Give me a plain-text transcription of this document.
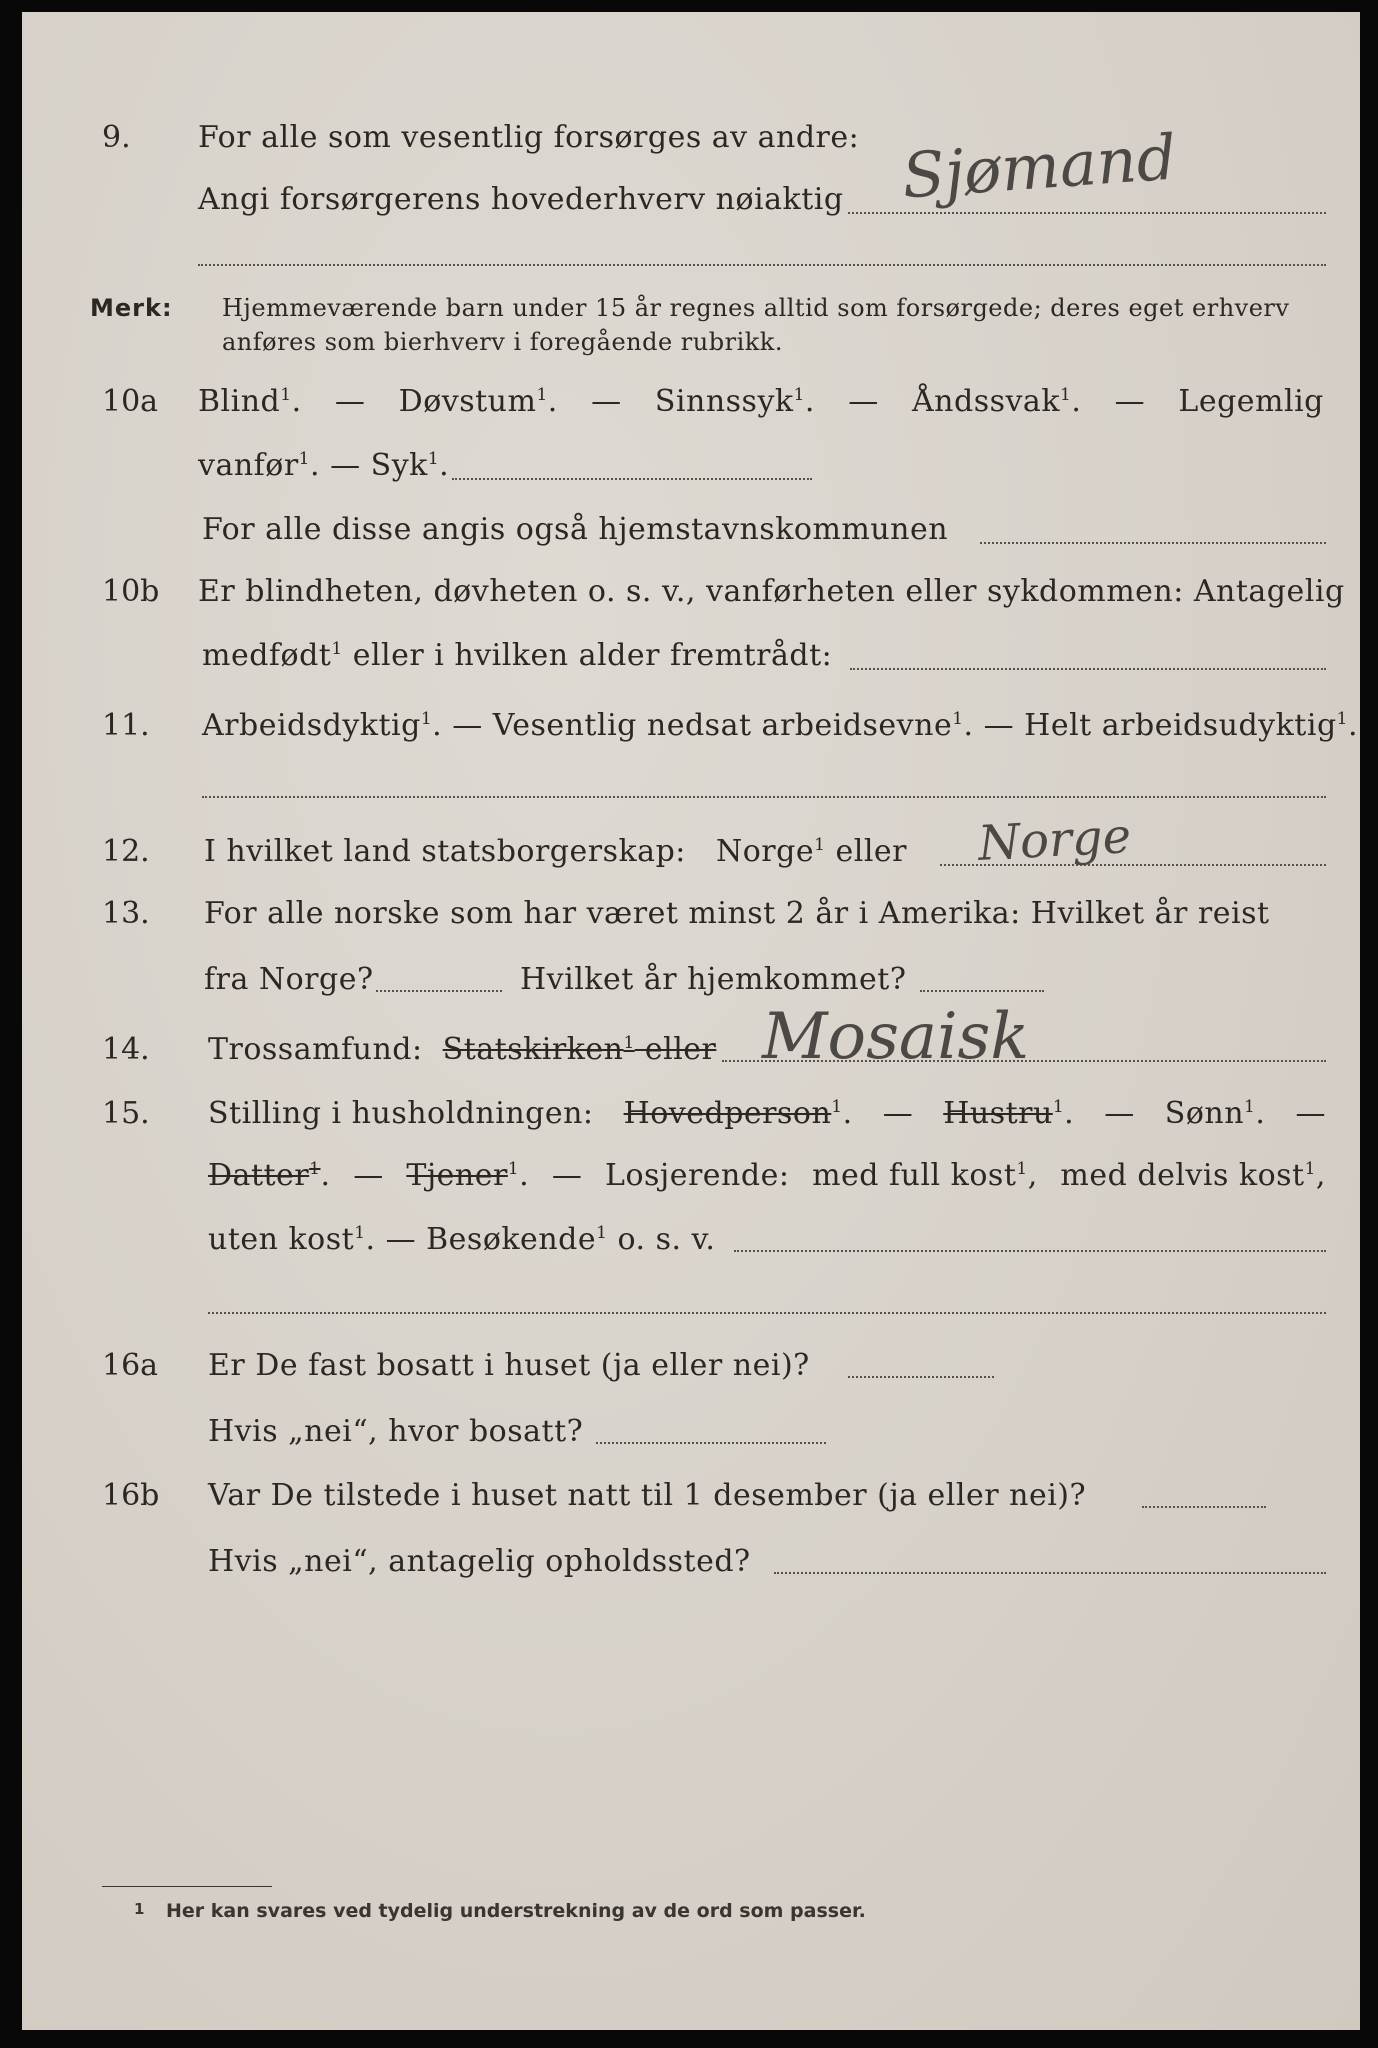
9. For alle som vesentlig forsørges av andre:
Angi forsørgerens hovederhverv nøiaktig Sjømand
Merk: Hjemmeværende barn under 15 år regnes alltid som forsørgede; deres eget erhverv
anføres som bierhverv i foregående rubrikk.
10a Blind$^1$. — Døvstum$^1$. — Sinnssyk$^1$. — Åndssvak$^1$. — Legemlig
vanfør$^1$. — Syk$^1$.
For alle disse angis også hjemstavnskommunen
10b Er blindheten, døvheten o. s. v., vanførheten eller sykdommen: Antagelig
medfødt$^1$ eller i hvilken alder fremtrådt:
11. Arbeidsdyktig$^1$. — Vesentlig nedsat arbeidsevne$^1$. — Helt arbeidsudyktig$^1$.
12. I hvilket land statsborgerskap: Norge$^1$ eller Norge
13. For alle norske som har været minst 2 år i Amerika: Hvilket år reist
fra Norge?	Hvilket år hjemkommet?
14. Trossamfund: Statskirken$^1$ eller Mosaisk
15. Stilling i husholdningen: Hovedperson$^1$. — Hustru$^1$. — Sønn$^1$. —
Datter$^1$. — Tjener$^1$. — Losjerende: med full kost$^1$, med delvis kost$^1$,
uten kost$^1$. — Besøkende$^1$ o. s. v.
16a Er De fast bosatt i huset (ja eller nei)?
Hvis „nei“, hvor bosatt?
16b Var De tilstede i huset natt til 1 desember (ja eller nei)?
Hvis „nei“, antagelig opholdssted?
1 Her kan svares ved tydelig understrekning av de ord som passer.
